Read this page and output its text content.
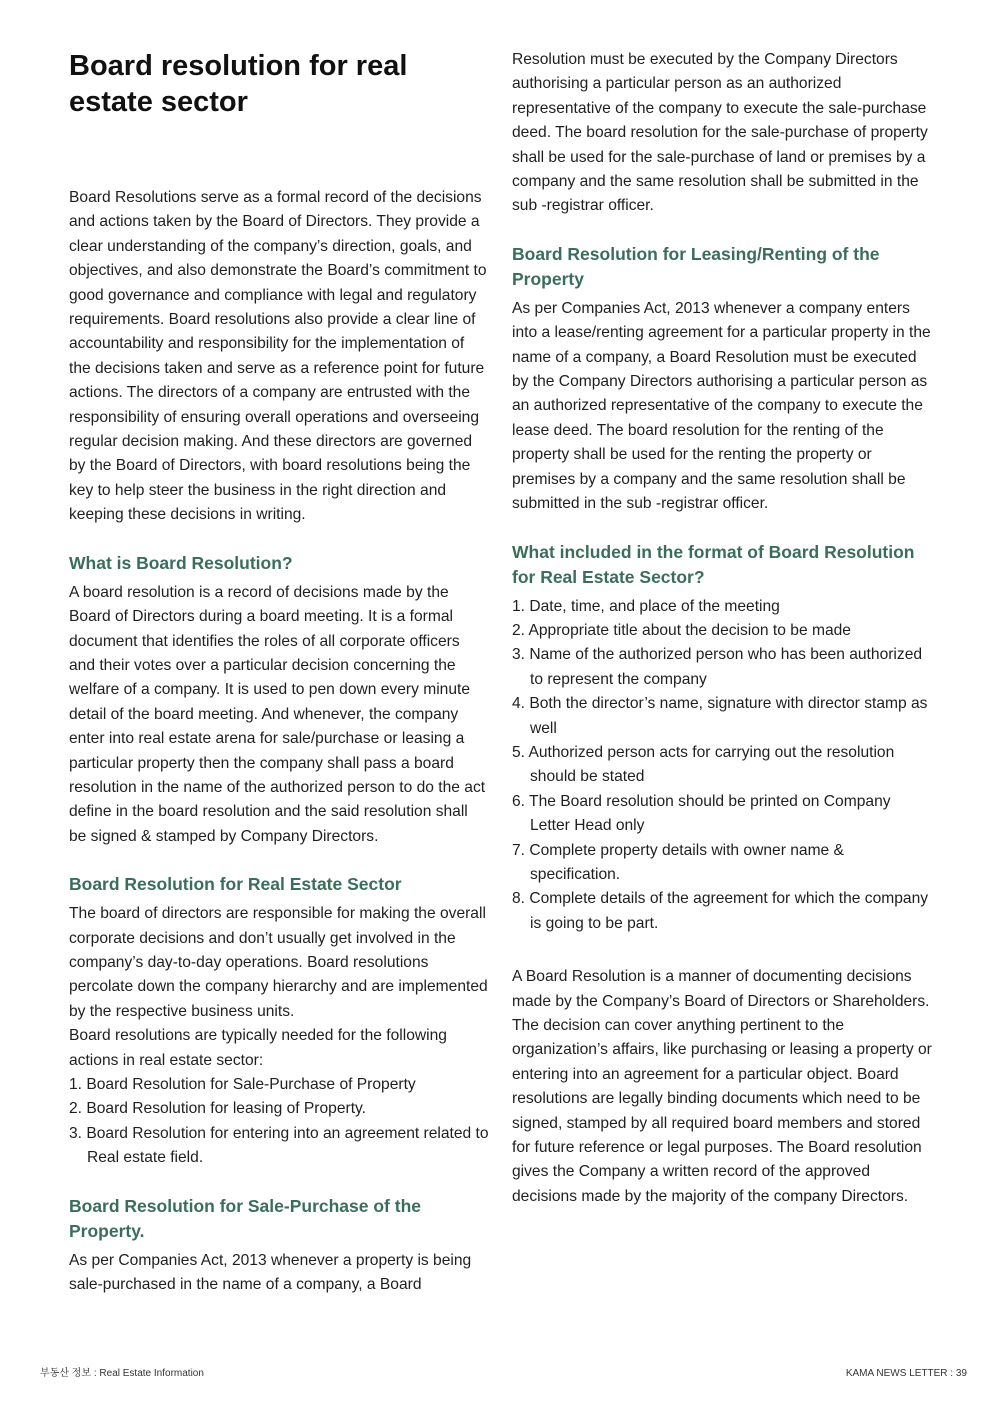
Board resolution for real estate sector

Board Resolutions serve as a formal record of the decisions and actions taken by the Board of Directors. They provide a clear understanding of the company’s direction, goals, and objectives, and also demonstrate the Board’s commitment to good governance and compliance with legal and regulatory requirements. Board resolutions also provide a clear line of accountability and responsibility for the implementation of the decisions taken and serve as a reference point for future actions. The directors of a company are entrusted with the responsibility of ensuring overall operations and overseeing regular decision making. And these directors are governed by the Board of Directors, with board resolutions being the key to help steer the business in the right direction and keeping these decisions in writing.

What is Board Resolution?

A board resolution is a record of decisions made by the Board of Directors during a board meeting. It is a formal document that identifies the roles of all corporate officers and their votes over a particular decision concerning the welfare of a company. It is used to pen down every minute detail of the board meeting. And whenever, the company enter into real estate arena for sale/purchase or leasing a particular property then the company shall pass a board resolution in the name of the authorized person to do the act define in the board resolution and the said resolution shall be signed & stamped by Company Directors.

Board Resolution for Real Estate Sector

The board of directors are responsible for making the overall corporate decisions and don’t usually get involved in the company’s day-to-day operations. Board resolutions percolate down the company hierarchy and are implemented by the respective business units.

Board resolutions are typically needed for the following actions in real estate sector:

1. Board Resolution for Sale-Purchase of Property
2. Board Resolution for leasing of Property.
3. Board Resolution for entering into an agreement related to Real estate field.
Board Resolution for Sale-Purchase of the Property.

As per Companies Act, 2013 whenever a property is being sale-purchased in the name of a company, a Board

Resolution must be executed by the Company Directors authorising a particular person as an authorized representative of the company to execute the sale-purchase deed. The board resolution for the sale-purchase of property shall be used for the sale-purchase of land or premises by a company and the same resolution shall be submitted in the sub -registrar officer.

Board Resolution for Leasing/Renting of the Property

As per Companies Act, 2013 whenever a company enters into a lease/renting agreement for a particular property in the name of a company, a Board Resolution must be executed by the Company Directors authorising a particular person as an authorized representative of the company to execute the lease deed. The board resolution for the renting of the property shall be used for the renting the property or premises by a company and the same resolution shall be submitted in the sub -registrar officer.

What included in the format of Board Resolution for Real Estate Sector?
1. Date, time, and place of the meeting
2. Appropriate title about the decision to be made
3. Name of the authorized person who has been authorized to represent the company
4. Both the director’s name, signature with director stamp as well
5. Authorized person acts for carrying out the resolution should be stated
6. The Board resolution should be printed on Company Letter Head only
7. Complete property details with owner name & specification.
8. Complete details of the agreement for which the company is going to be part.

A Board Resolution is a manner of documenting decisions made by the Company’s Board of Directors or Shareholders. The decision can cover anything pertinent to the organization’s affairs, like purchasing or leasing a property or entering into an agreement for a particular object. Board resolutions are legally binding documents which need to be signed, stamped by all required board members and stored for future reference or legal purposes. The Board resolution gives the Company a written record of the approved decisions made by the majority of the company Directors.

부동산 정보 : Real Estate Information	KAMA NEWS LETTER : 39
